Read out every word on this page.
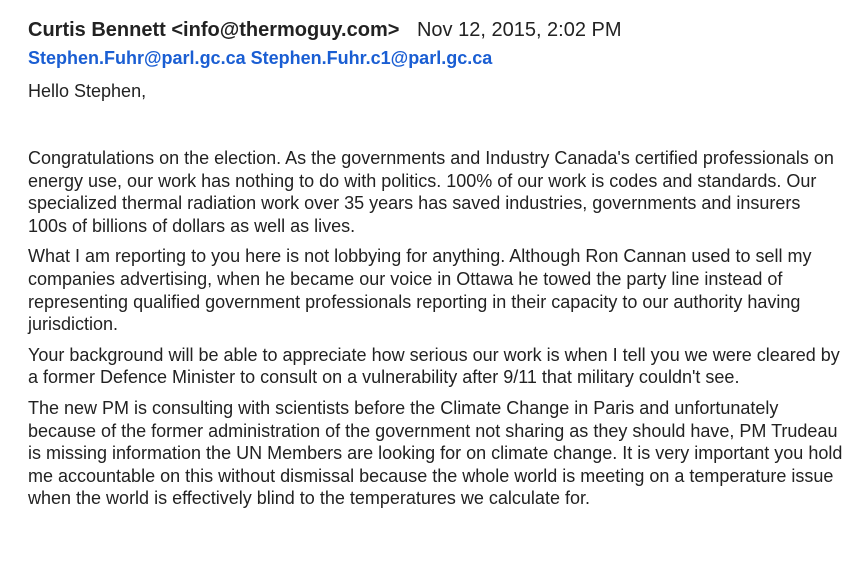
Curtis Bennett <info@thermoguy.com> Nov 12, 2015, 2:02 PM
Stephen.Fuhr@parl.gc.ca Stephen.Fuhr.c1@parl.gc.ca

Hello Stephen,

Congratulations on the election. As the governments and Industry Canada's certified professionals on energy use, our work has nothing to do with politics. 100% of our work is codes and standards. Our specialized thermal radiation work over 35 years has saved industries, governments and insurers 100s of billions of dollars as well as lives.

What I am reporting to you here is not lobbying for anything. Although Ron Cannan used to sell my companies advertising, when he became our voice in Ottawa he towed the party line instead of representing qualified government professionals reporting in their capacity to our authority having jurisdiction.

Your background will be able to appreciate how serious our work is when I tell you we were cleared by a former Defence Minister to consult on a vulnerability after 9/11 that military couldn't see.

The new PM is consulting with scientists before the Climate Change in Paris and unfortunately because of the former administration of the government not sharing as they should have, PM Trudeau is missing information the UN Members are looking for on climate change. It is very important you hold me accountable on this without dismissal because the whole world is meeting on a temperature issue when the world is effectively blind to the temperatures we calculate for.
